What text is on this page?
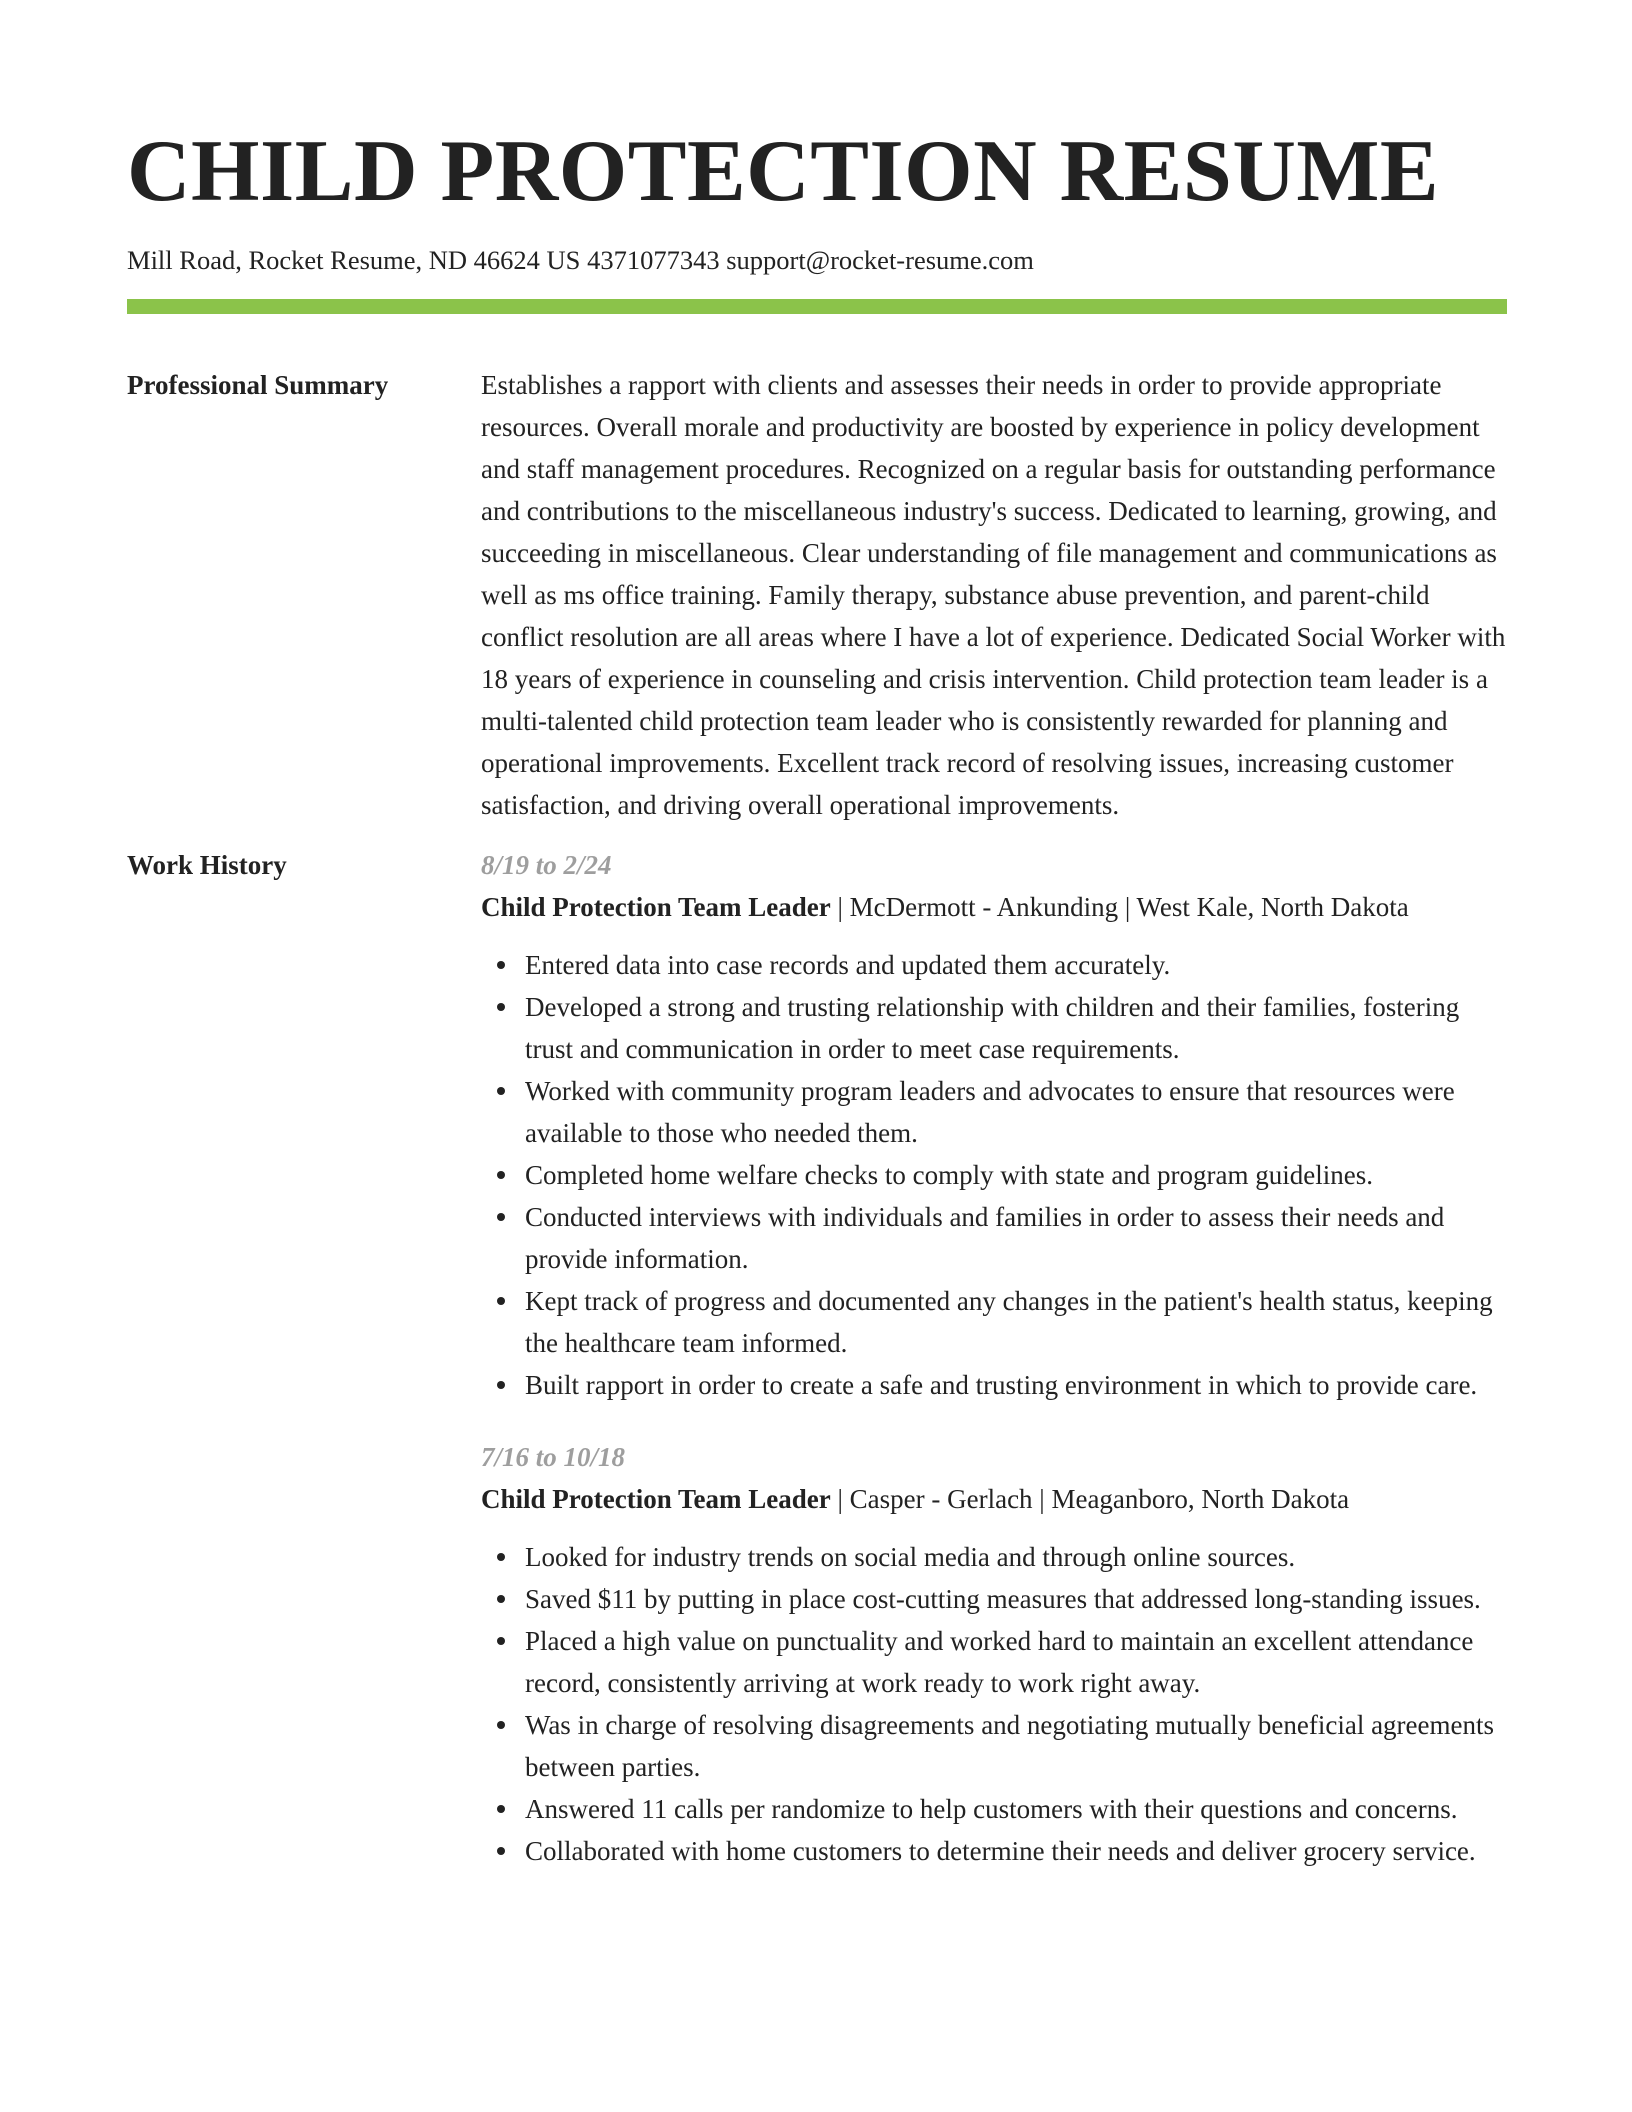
CHILD PROTECTION RESUME
Mill Road, Rocket Resume, ND 46624 US 4371077343 support@rocket-resume.com
Professional Summary	Establishes a rapport with clients and assesses their needs in order to provide appropriate resources. Overall morale and productivity are boosted by experience in policy development and staff management procedures. Recognized on a regular basis for outstanding performance and contributions to the miscellaneous industry's success. Dedicated to learning, growing, and succeeding in miscellaneous. Clear understanding of file management and communications as well as ms office training. Family therapy, substance abuse prevention, and parent-child conflict resolution are all areas where I have a lot of experience. Dedicated Social Worker with 18 years of experience in counseling and crisis intervention. Child protection team leader is a multi-talented child protection team leader who is consistently rewarded for planning and operational improvements. Excellent track record of resolving issues, increasing customer satisfaction, and driving overall operational improvements.

Work History	8/19 to 2/24
Child Protection Team Leader | McDermott - Ankunding | West Kale, North Dakota
Entered data into case records and updated them accurately.
Developed a strong and trusting relationship with children and their families, fostering trust and communication in order to meet case requirements.
Worked with community program leaders and advocates to ensure that resources were available to those who needed them.
Completed home welfare checks to comply with state and program guidelines.
Conducted interviews with individuals and families in order to assess their needs and provide information.
Kept track of progress and documented any changes in the patient's health status, keeping the healthcare team informed.
Built rapport in order to create a safe and trusting environment in which to provide care.
7/16 to 10/18
Child Protection Team Leader | Casper - Gerlach | Meaganboro, North Dakota
Looked for industry trends on social media and through online sources.
Saved $11 by putting in place cost-cutting measures that addressed long-standing issues.
Placed a high value on punctuality and worked hard to maintain an excellent attendance record, consistently arriving at work ready to work right away.
Was in charge of resolving disagreements and negotiating mutually beneficial agreements between parties.
Answered 11 calls per randomize to help customers with their questions and concerns.
Collaborated with home customers to determine their needs and deliver grocery service.
